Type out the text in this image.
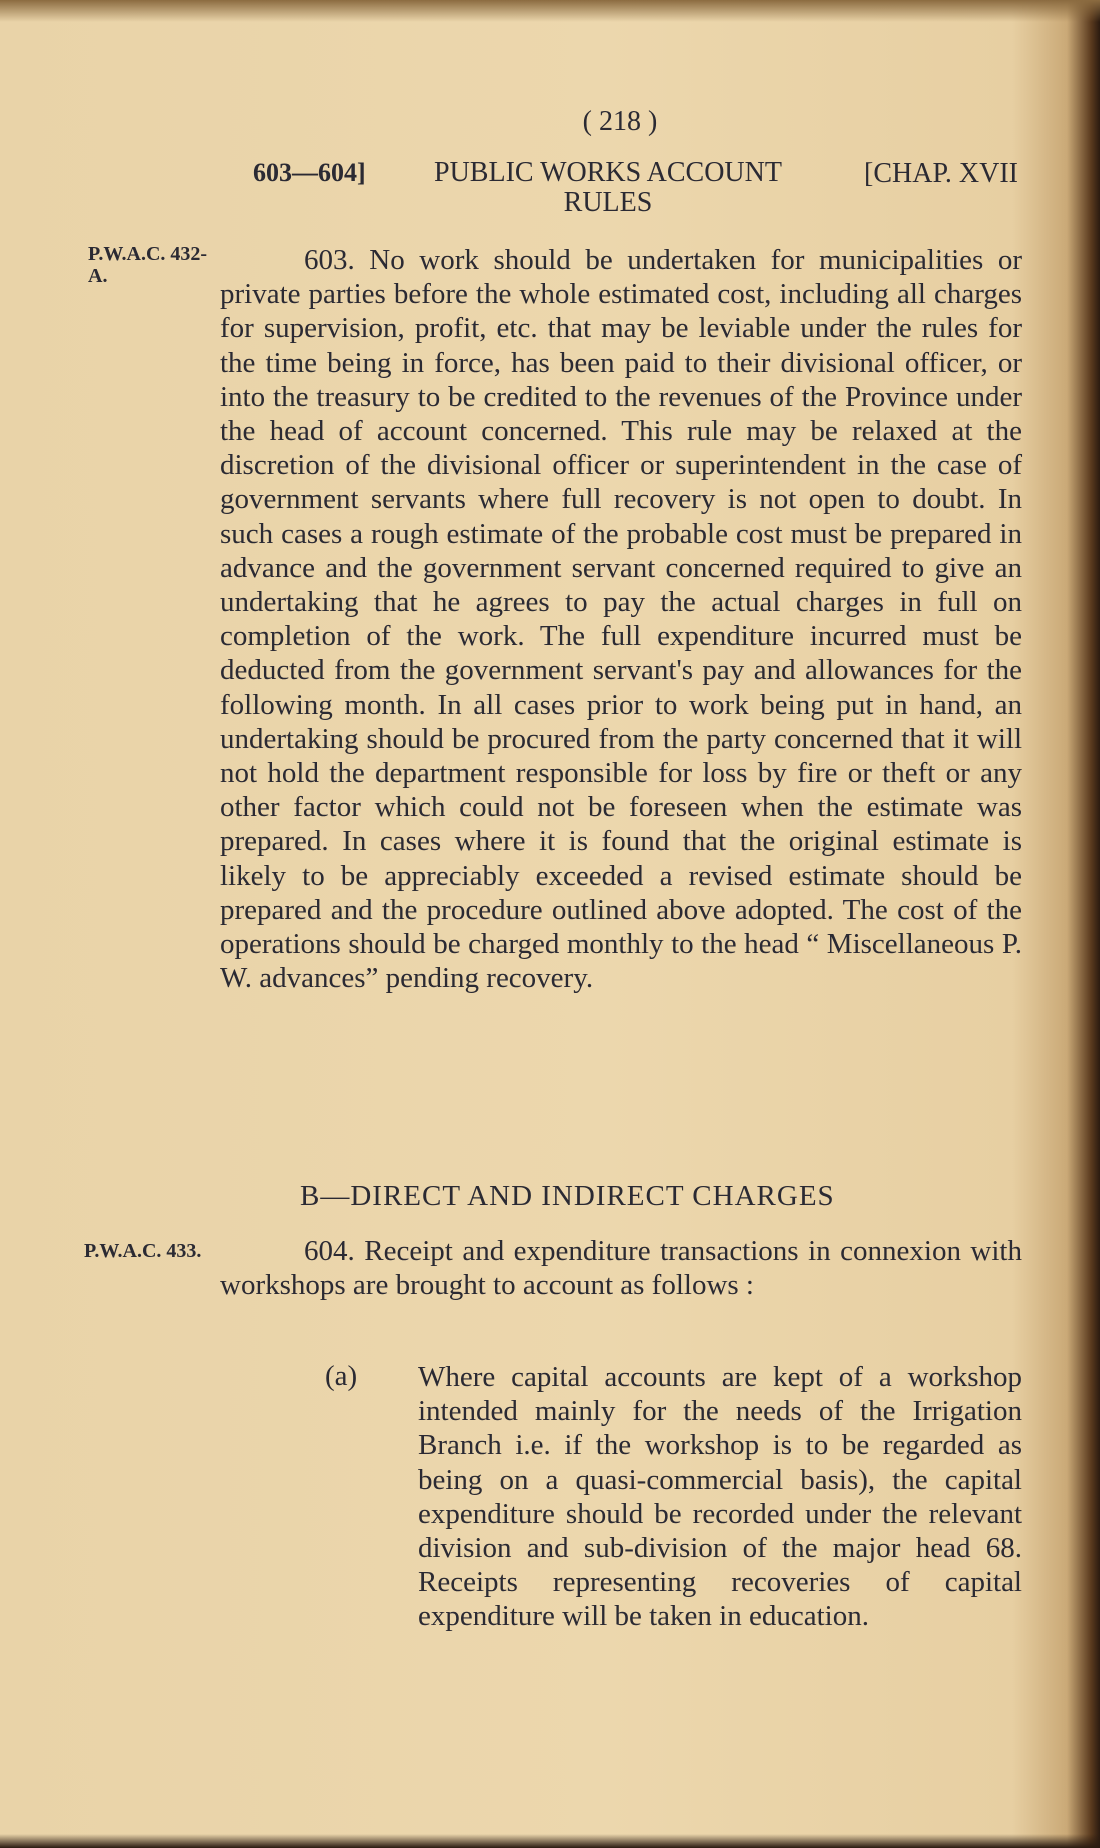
( 218 )
603—604]	PUBLIC WORKS ACCOUNT RULES
[CHAP. XVII
P.W.A.C. 432-A.	603. No work should be undertaken for municipalities or private parties before the whole estimated cost, including all charges for supervision, profit, etc. that may be leviable under the rules for the time being in force, has been paid to their divisional officer, or into the treasury to be credited to the revenues of the Province under the head of account concerned. This rule may be relaxed at the discretion of the divisional officer or superintendent in the case of government servants where full recovery is not open to doubt. In such cases a rough estimate of the probable cost must be prepared in advance and the government servant concerned required to give an undertaking that he agrees to pay the actual charges in full on completion of the work. The full expenditure incurred must be deducted from the government servant's pay and allowances for the following month. In all cases prior to work being put in hand, an undertaking should be procured from the party concerned that it will not hold the department responsible for loss by fire or theft or any other factor which could not be foreseen when the estimate was prepared. In cases where it is found that the original estimate is likely to be appreciably exceeded a revised estimate should be prepared and the procedure outlined above adopted. The cost of the operations should be charged monthly to the head “ Miscellaneous P. W. advances” pending recovery.

B—DIRECT AND INDIRECT CHARGES
P.W.A.C. 433.	604. Receipt and expenditure transactions in connexion with workshops are brought to account as follows :

(a) Where capital accounts are kept of a workshop intended mainly for the needs of the Irrigation Branch i.e. if the workshop is to be regarded as being on a quasi-commercial basis), the capital expenditure should be recorded under the relevant division and sub-division of the major head 68. Receipts representing recoveries of capital expenditure will be taken in education.
